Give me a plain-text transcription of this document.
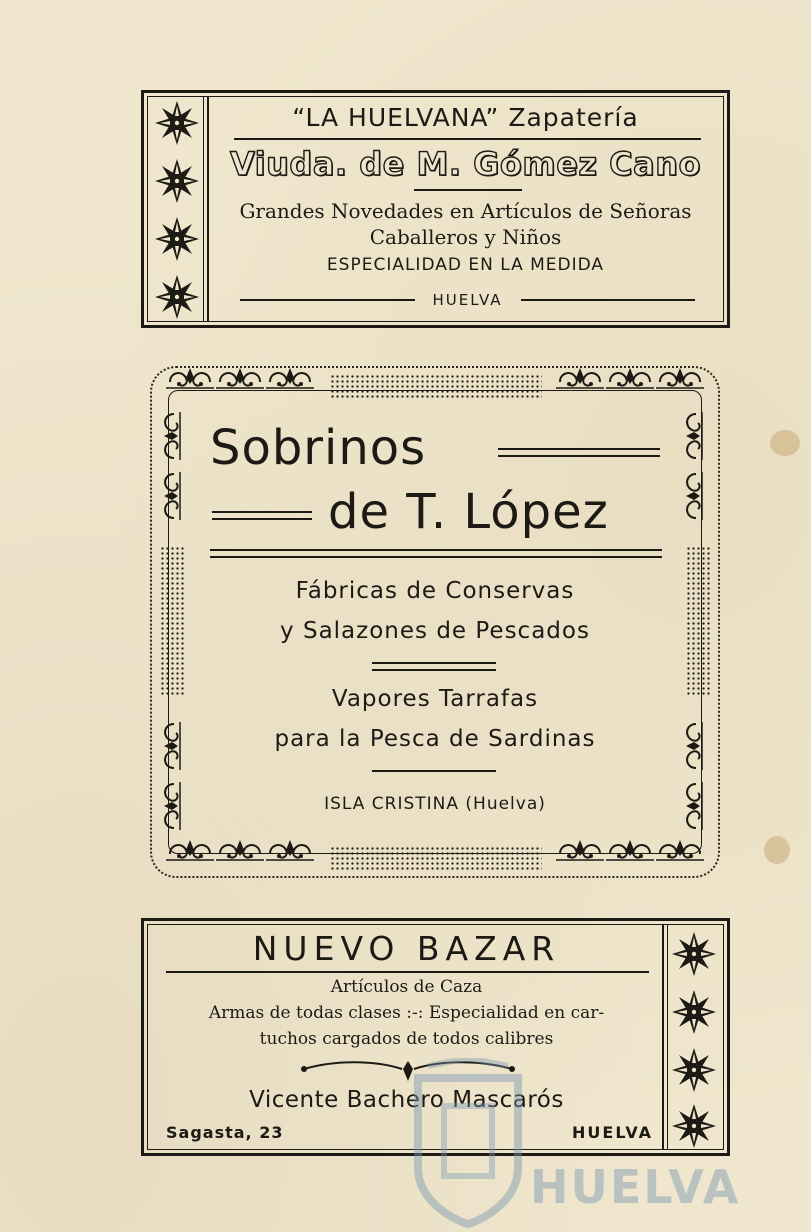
“LA HUELVANA” Zapatería
Viuda. de M. Gómez Cano
Grandes Novedades en Artículos de Señoras
Caballeros y Niños
ESPECIALIDAD EN LA MEDIDA
HUELVA
Sobrinos
de T. López
Fábricas de Conservas
y Salazones de Pescados
Vapores Tarrafas
para la Pesca de Sardinas
ISLA CRISTINA (Huelva)
NUEVO BAZAR
Artículos de Caza
Armas de todas clases :-: Especialidad en car-
tuchos cargados de todos calibres
Vicente Bachero Mascarós
Sagasta, 23	HUELVA
HUELVA
